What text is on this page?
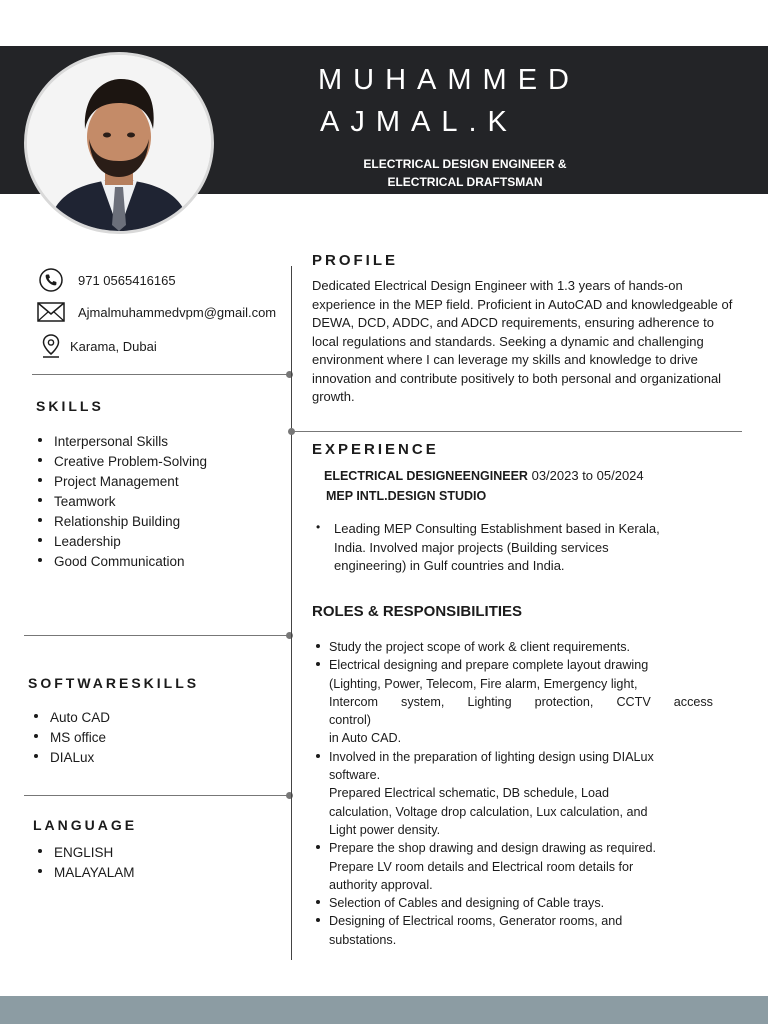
MUHAMMED
AJMAL.K
ELECTRICAL DESIGN ENGINEER &
ELECTRICAL DRAFTSMAN
971 0565416165
Ajmalmuhammedvpm@gmail.com
Karama, Dubai
SKILLS
Interpersonal Skills
Creative Problem-Solving
Project Management
Teamwork
Relationship Building
Leadership
Good Communication
SOFTWARESKILLS
Auto CAD
MS office
DIALux
LANGUAGE
ENGLISH
MALAYALAM
PROFILE
Dedicated Electrical Design Engineer with 1.3 years of hands-on experience in the MEP field. Proficient in AutoCAD and knowledgeable of DEWA, DCD, ADDC, and ADCD requirements, ensuring adherence to local regulations and standards. Seeking a dynamic and challenging environment where I can leverage my skills and knowledge to drive innovation and contribute positively to both personal and organizational growth.
EXPERIENCE
ELECTRICAL DESIGNEENGINEER 03/2023 to 05/2024
MEP INTL.DESIGN STUDIO
• Leading MEP Consulting Establishment based in Kerala, India. Involved major projects (Building services engineering) in Gulf countries and India.
ROLES & RESPONSIBILITIES
Study the project scope of work & client requirements.
Electrical designing and prepare complete layout drawing
(Lighting, Power, Telecom, Fire alarm, Emergency light,
Intercom system, Lighting protection, CCTV access
control)
in Auto CAD.
Involved in the preparation of lighting design using DIALux
software.
Prepared Electrical schematic, DB schedule, Load
calculation, Voltage drop calculation, Lux calculation, and
Light power density.
Prepare the shop drawing and design drawing as required.
Prepare LV room details and Electrical room details for
authority approval.
Selection of Cables and designing of Cable trays.
Designing of Electrical rooms, Generator rooms, and
substations.
